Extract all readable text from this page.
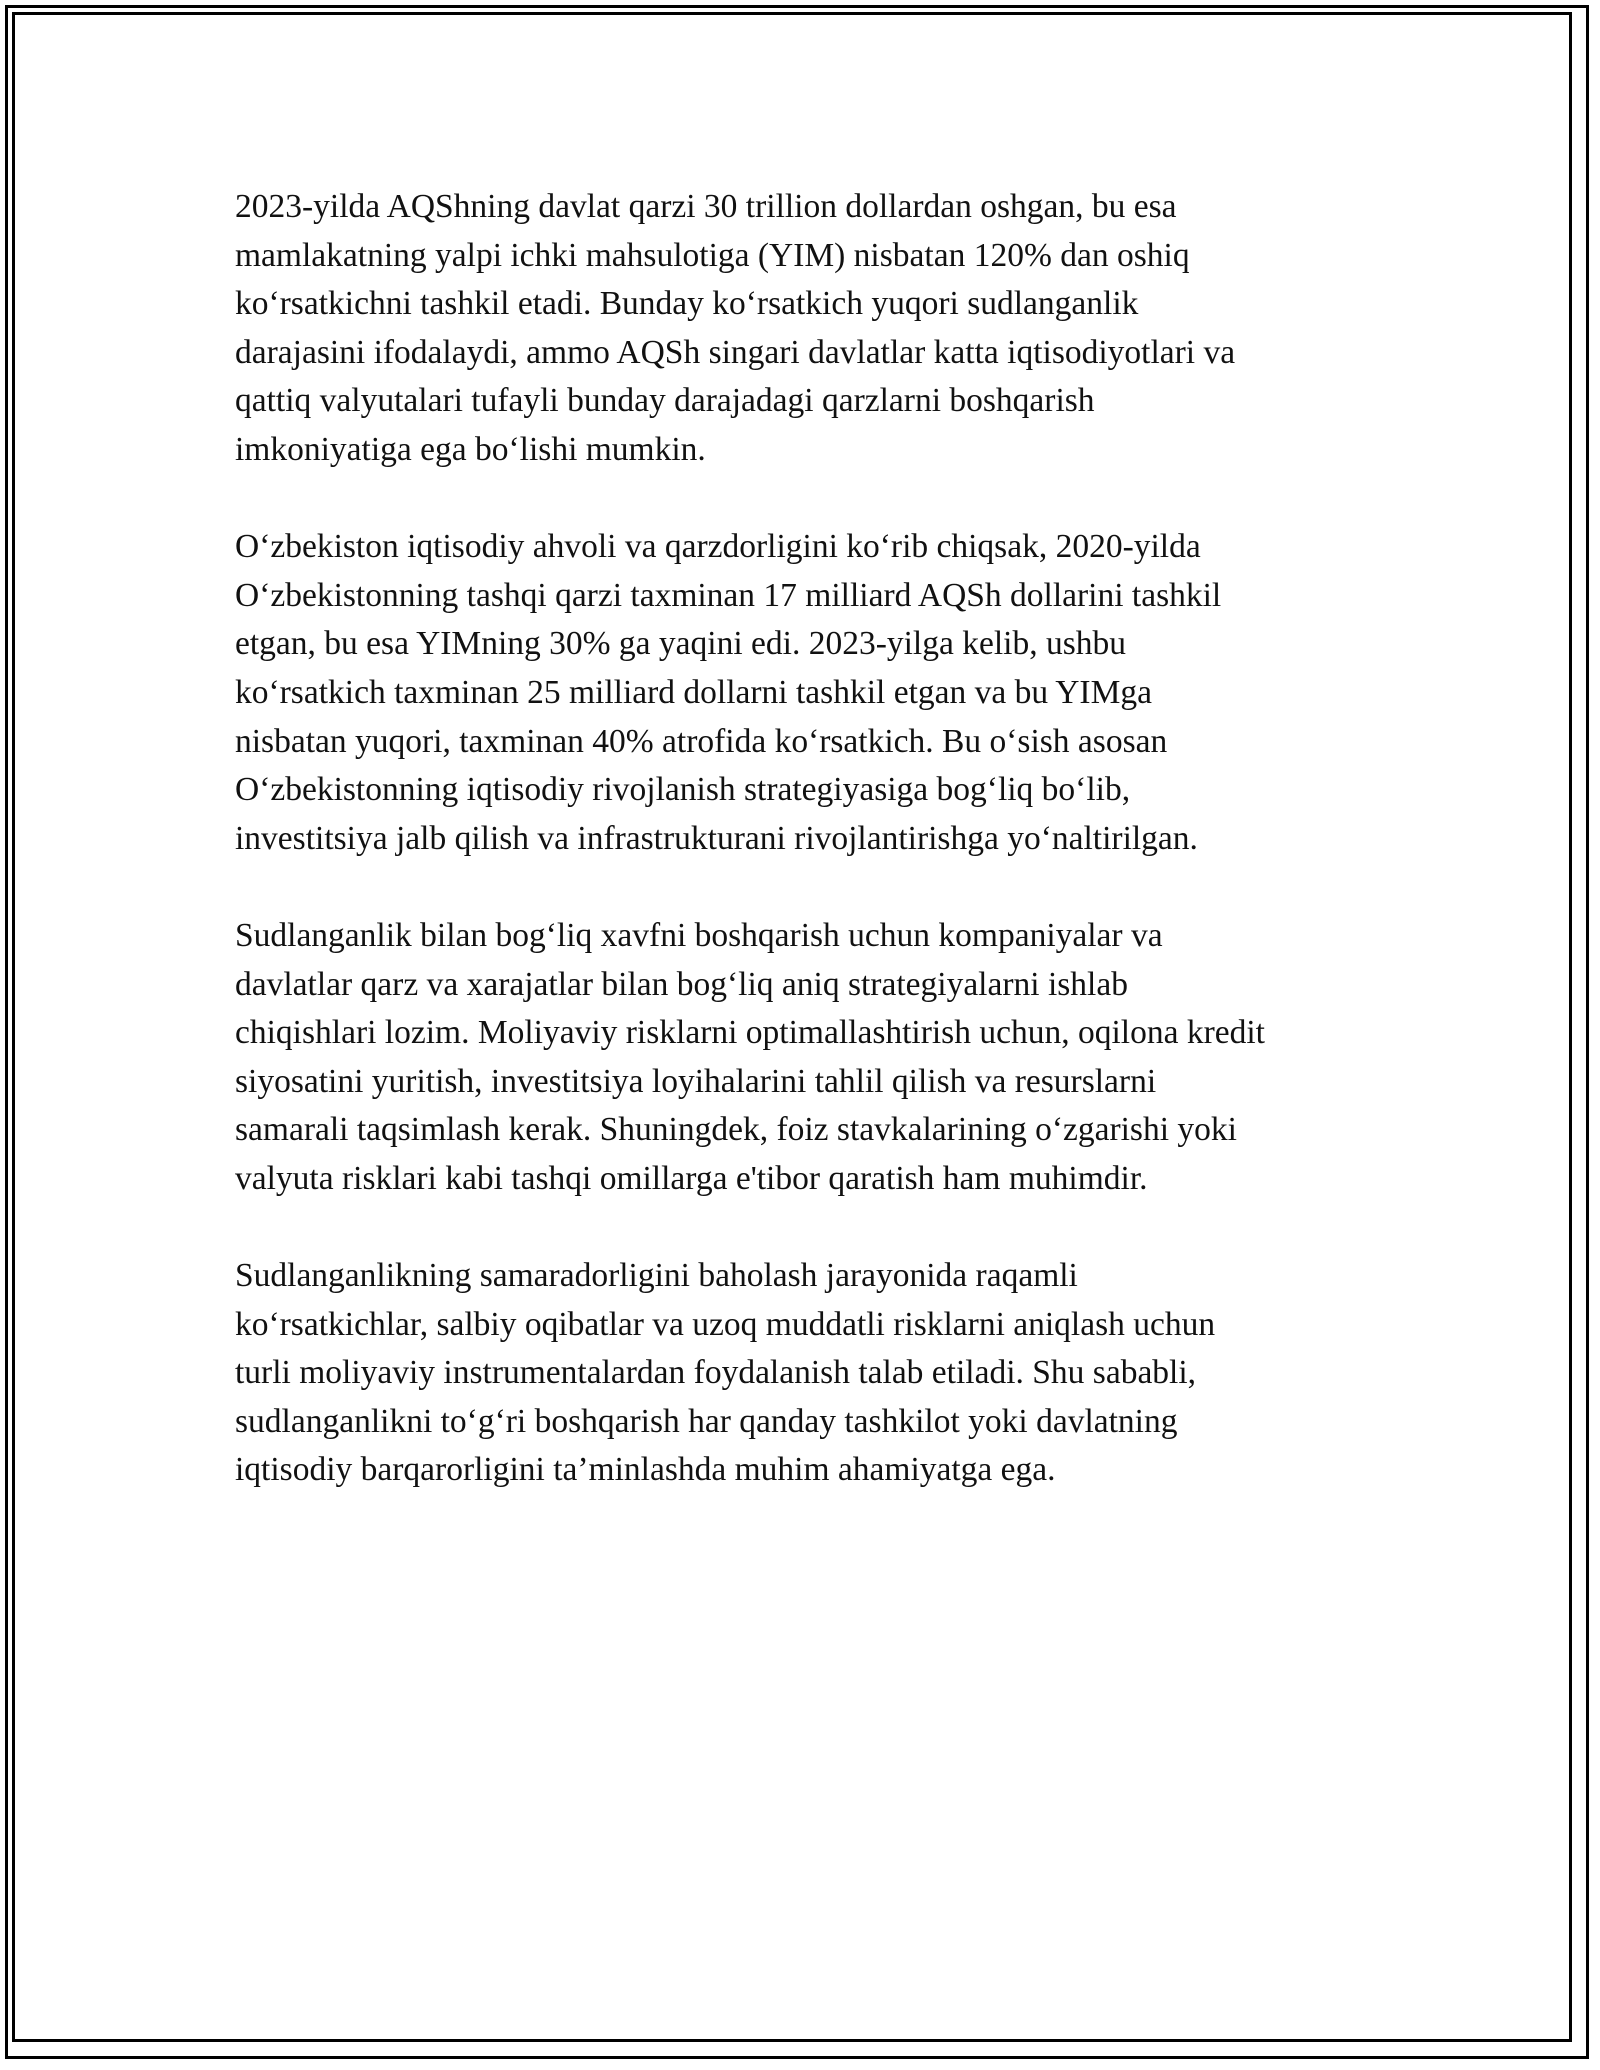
2023-yilda AQShning davlat qarzi 30 trillion dollardan oshgan, bu esa
mamlakatning yalpi ichki mahsulotiga (YIM) nisbatan 120% dan oshiq
ko‘rsatkichni tashkil etadi. Bunday ko‘rsatkich yuqori sudlanganlik
darajasini ifodalaydi, ammo AQSh singari davlatlar katta iqtisodiyotlari va
qattiq valyutalari tufayli bunday darajadagi qarzlarni boshqarish
imkoniyatiga ega bo‘lishi mumkin.

O‘zbekiston iqtisodiy ahvoli va qarzdorligini ko‘rib chiqsak, 2020-yilda
O‘zbekistonning tashqi qarzi taxminan 17 milliard AQSh dollarini tashkil
etgan, bu esa YIMning 30% ga yaqini edi. 2023-yilga kelib, ushbu
ko‘rsatkich taxminan 25 milliard dollarni tashkil etgan va bu YIMga
nisbatan yuqori, taxminan 40% atrofida ko‘rsatkich. Bu o‘sish asosan
O‘zbekistonning iqtisodiy rivojlanish strategiyasiga bog‘liq bo‘lib,
investitsiya jalb qilish va infrastrukturani rivojlantirishga yo‘naltirilgan.

Sudlanganlik bilan bog‘liq xavfni boshqarish uchun kompaniyalar va
davlatlar qarz va xarajatlar bilan bog‘liq aniq strategiyalarni ishlab
chiqishlari lozim. Moliyaviy risklarni optimallashtirish uchun, oqilona kredit
siyosatini yuritish, investitsiya loyihalarini tahlil qilish va resurslarni
samarali taqsimlash kerak. Shuningdek, foiz stavkalarining o‘zgarishi yoki
valyuta risklari kabi tashqi omillarga e'tibor qaratish ham muhimdir.

Sudlanganlikning samaradorligini baholash jarayonida raqamli
ko‘rsatkichlar, salbiy oqibatlar va uzoq muddatli risklarni aniqlash uchun
turli moliyaviy instrumentalardan foydalanish talab etiladi. Shu sababli,
sudlanganlikni to‘g‘ri boshqarish har qanday tashkilot yoki davlatning
iqtisodiy barqarorligini ta’minlashda muhim ahamiyatga ega.
